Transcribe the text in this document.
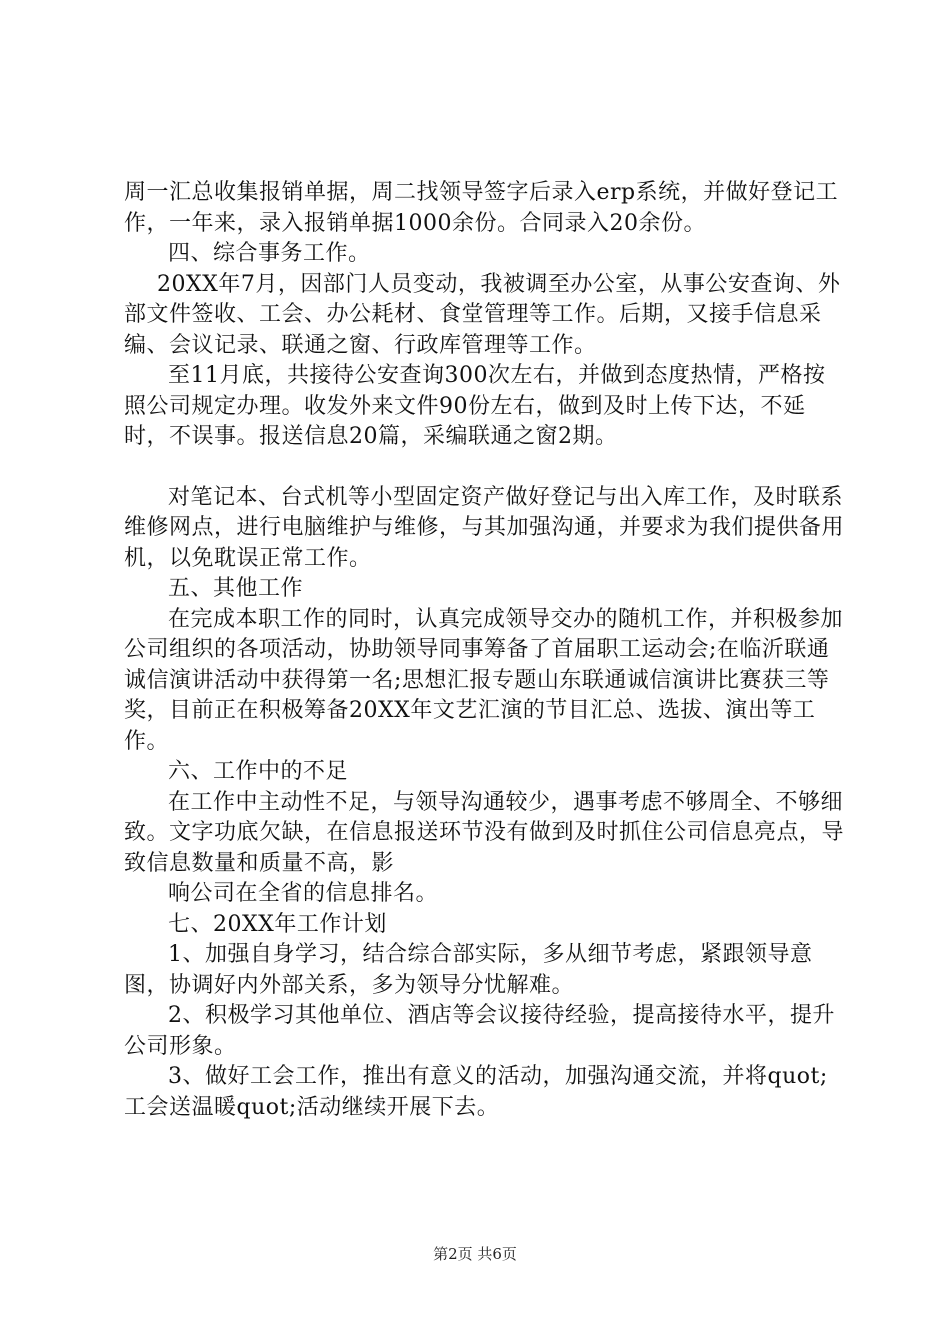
周一汇总收集报销单据，周二找领导签字后录入erp系统，并做好登记工作，一年来，录入报销单据1000余份。合同录入20余份。

四、综合事务工作。

20XX年7月，因部门人员变动，我被调至办公室，从事公安查询、外部文件签收、工会、办公耗材、食堂管理等工作。后期，又接手信息采编、会议记录、联通之窗、行政库管理等工作。

至11月底，共接待公安查询300次左右，并做到态度热情，严格按照公司规定办理。收发外来文件90份左右，做到及时上传下达，不延时，不误事。报送信息20篇，采编联通之窗2期。

对笔记本、台式机等小型固定资产做好登记与出入库工作，及时联系维修网点，进行电脑维护与维修，与其加强沟通，并要求为我们提供备用机，以免耽误正常工作。

五、其他工作

在完成本职工作的同时，认真完成领导交办的随机工作，并积极参加公司组织的各项活动，协助领导同事筹备了首届职工运动会;在临沂联通诚信演讲活动中获得第一名;思想汇报专题山东联通诚信演讲比赛获三等奖，目前正在积极筹备20XX年文艺汇演的节目汇总、选拔、演出等工作。

六、工作中的不足

在工作中主动性不足，与领导沟通较少，遇事考虑不够周全、不够细致。文字功底欠缺，在信息报送环节没有做到及时抓住公司信息亮点，导致信息数量和质量不高，影

响公司在全省的信息排名。

七、20XX年工作计划

1、加强自身学习，结合综合部实际，多从细节考虑，紧跟领导意图，协调好内外部关系，多为领导分忧解难。

2、积极学习其他单位、酒店等会议接待经验，提高接待水平，提升公司形象。

3、做好工会工作，推出有意义的活动，加强沟通交流，并将quot;工会送温暖quot;活动继续开展下去。

第2页 共6页
